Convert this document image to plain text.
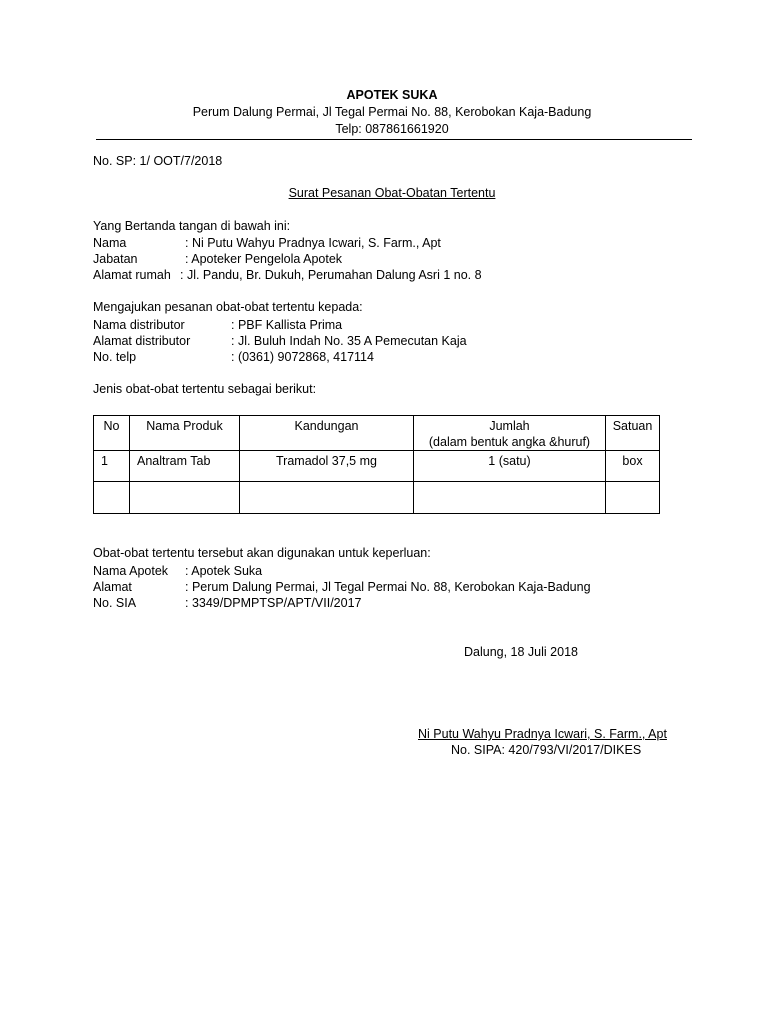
APOTEK SUKA
Perum Dalung Permai, Jl Tegal Permai No. 88, Kerobokan Kaja-Badung
Telp: 087861661920
No. SP: 1/ OOT/7/2018
Surat Pesanan Obat-Obatan Tertentu
Yang Bertanda tangan di bawah ini:
Nama	: Ni Putu Wahyu Pradnya Icwari, S. Farm., Apt
Jabatan	: Apoteker Pengelola Apotek
Alamat rumah : Jl. Pandu, Br. Dukuh, Perumahan Dalung Asri 1 no. 8
Mengajukan pesanan obat-obat tertentu kepada:
Nama distributor	: PBF Kallista Prima
Alamat distributor	: Jl. Buluh Indah No. 35 A Pemecutan Kaja
No. telp	: (0361) 9072868, 417114
Jenis obat-obat tertentu sebagai berikut:
No	Nama Produk	Kandungan	Jumlah
(dalam bentuk angka &huruf)	Satuan
1	Analtram Tab	Tramadol 37,5 mg	1 (satu)	box

Obat-obat tertentu tersebut akan digunakan untuk keperluan:
Nama Apotek : Apotek Suka
Alamat	: Perum Dalung Permai, Jl Tegal Permai No. 88, Kerobokan Kaja-Badung
No. SIA	: 3349/DPMPTSP/APT/VII/2017
Dalung, 18 Juli 2018
Ni Putu Wahyu Pradnya Icwari, S. Farm., Apt
No. SIPA: 420/793/VI/2017/DIKES
